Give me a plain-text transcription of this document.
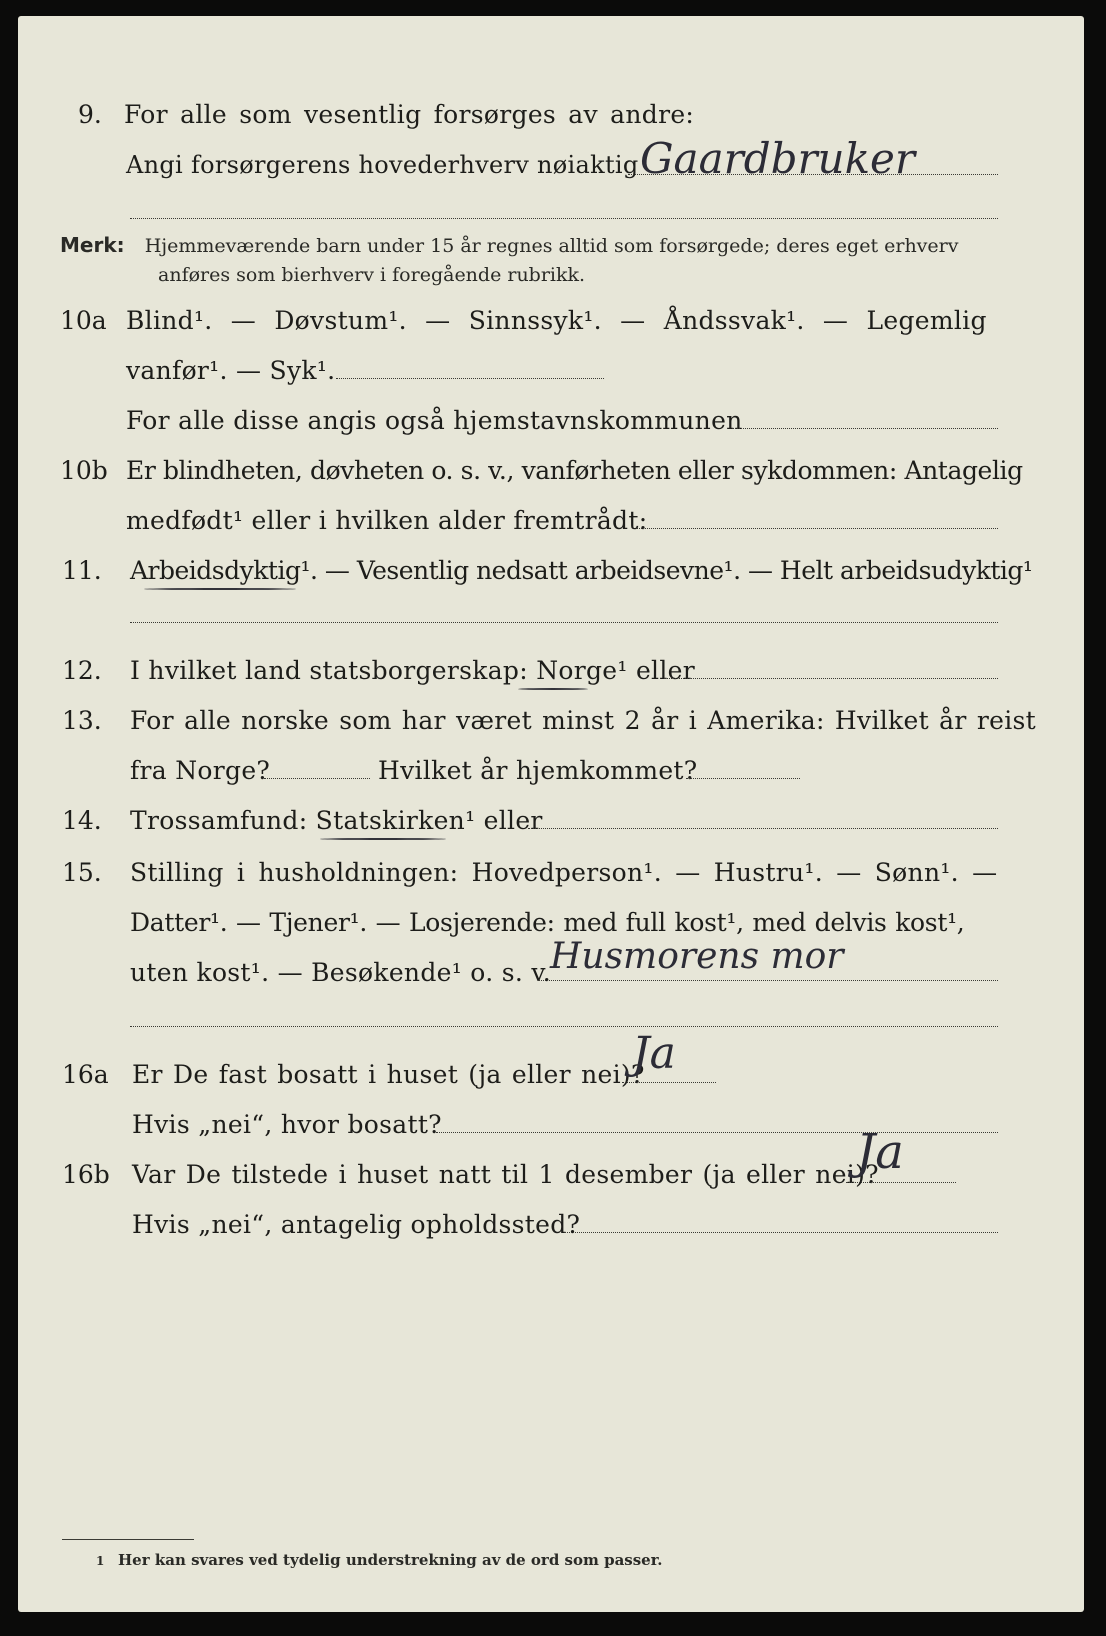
9. For alle som vesentlig forsørges av andre:
Angi forsørgerens hovederhverv nøiaktig Gaardbruker
Merk: Hjemmeværende barn under 15 år regnes alltid som forsørgede; deres eget erhverv
anføres som bierhverv i foregående rubrikk.
10a Blind¹. — Døvstum¹. — Sinnssyk¹. — Åndssvak¹. — Legemlig
vanfør¹. — Syk¹.
For alle disse angis også hjemstavnskommunen
10b Er blindheten, døvheten o. s. v., vanførheten eller sykdommen: Antagelig
medfødt¹ eller i hvilken alder fremtrådt:
11. Arbeidsdyktig¹. — Vesentlig nedsatt arbeidsevne¹. — Helt arbeidsudyktig¹
12. I hvilket land statsborgerskap: Norge¹ eller
13. For alle norske som har været minst 2 år i Amerika: Hvilket år reist
fra Norge?	Hvilket år hjemkommet?
14. Trossamfund: Statskirken¹ eller
15. Stilling i husholdningen: Hovedperson¹. — Hustru¹. — Sønn¹. —
Datter¹. — Tjener¹. — Losjerende: med full kost¹, med delvis kost¹,
uten kost¹. — Besøkende¹ o. s. v.
Husmorens mor
16a Er De fast bosatt i huset (ja eller nei)?
Ja
Hvis „nei“, hvor bosatt?
16b Var De tilstede i huset natt til 1 desember (ja eller nei)?
Ja
Hvis „nei“, antagelig opholdssted?
1 Her kan svares ved tydelig understrekning av de ord som passer.
